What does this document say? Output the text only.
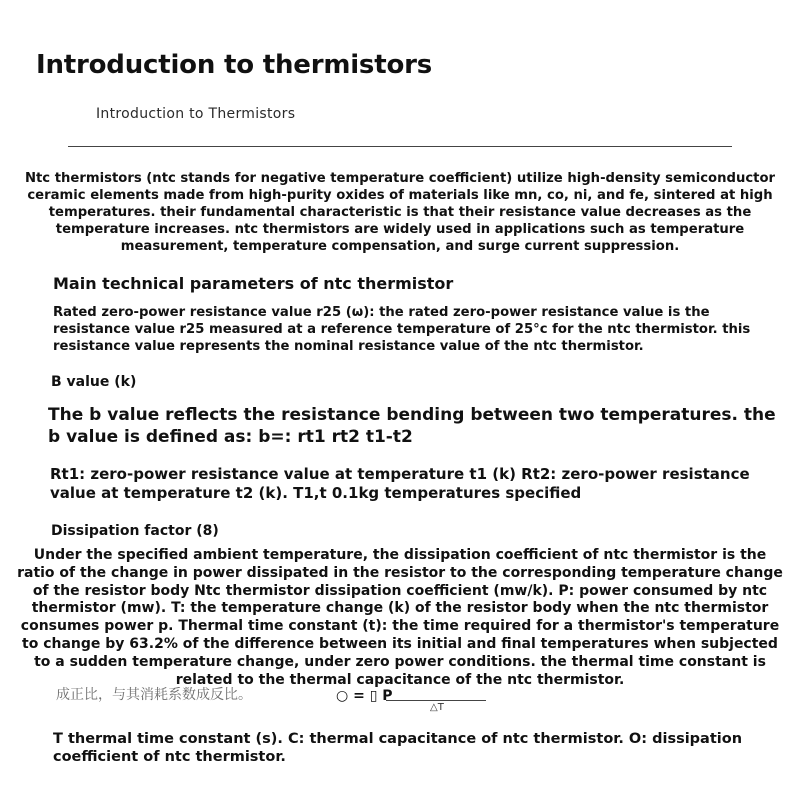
Introduction to thermistors
Introduction to Thermistors

Ntc thermistors (ntc stands for negative temperature coefficient) utilize high-density semiconductor ceramic elements made from high-purity oxides of materials like mn, co, ni, and fe, sintered at high temperatures. their fundamental characteristic is that their resistance value decreases as the temperature increases. ntc thermistors are widely used in applications such as temperature measurement, temperature compensation, and surge current suppression.

Main technical parameters of ntc thermistor

Rated zero-power resistance value r25 (ω): the rated zero-power resistance value is the resistance value r25 measured at a reference temperature of 25°c for the ntc thermistor. this resistance value represents the nominal resistance value of the ntc thermistor.

B value (k)

The b value reflects the resistance bending between two temperatures. the b value is defined as: b=: rt1 rt2 t1-t2

Rt1: zero-power resistance value at temperature t1 (k) Rt2: zero-power resistance value at temperature t2 (k). T1,t 0.1kg temperatures specified

Dissipation factor (8)

Under the specified ambient temperature, the dissipation coefficient of ntc thermistor is the ratio of the change in power dissipated in the resistor to the corresponding temperature change of the resistor body Ntc thermistor dissipation coefficient (mw/k). P: power consumed by ntc thermistor (mw). T: the temperature change (k) of the resistor body when the ntc thermistor consumes power p. Thermal time constant (t): the time required for a thermistor's temperature to change by 63.2% of the difference between its initial and final temperatures when subjected to a sudden temperature change, under zero power conditions. the thermal time constant is related to the thermal capacitance of the ntc thermistor.

成正比，与其消耗系数成反比。	○ = ▯ P
△T

T thermal time constant (s). C: thermal capacitance of ntc thermistor. O: dissipation coefficient of ntc thermistor.
